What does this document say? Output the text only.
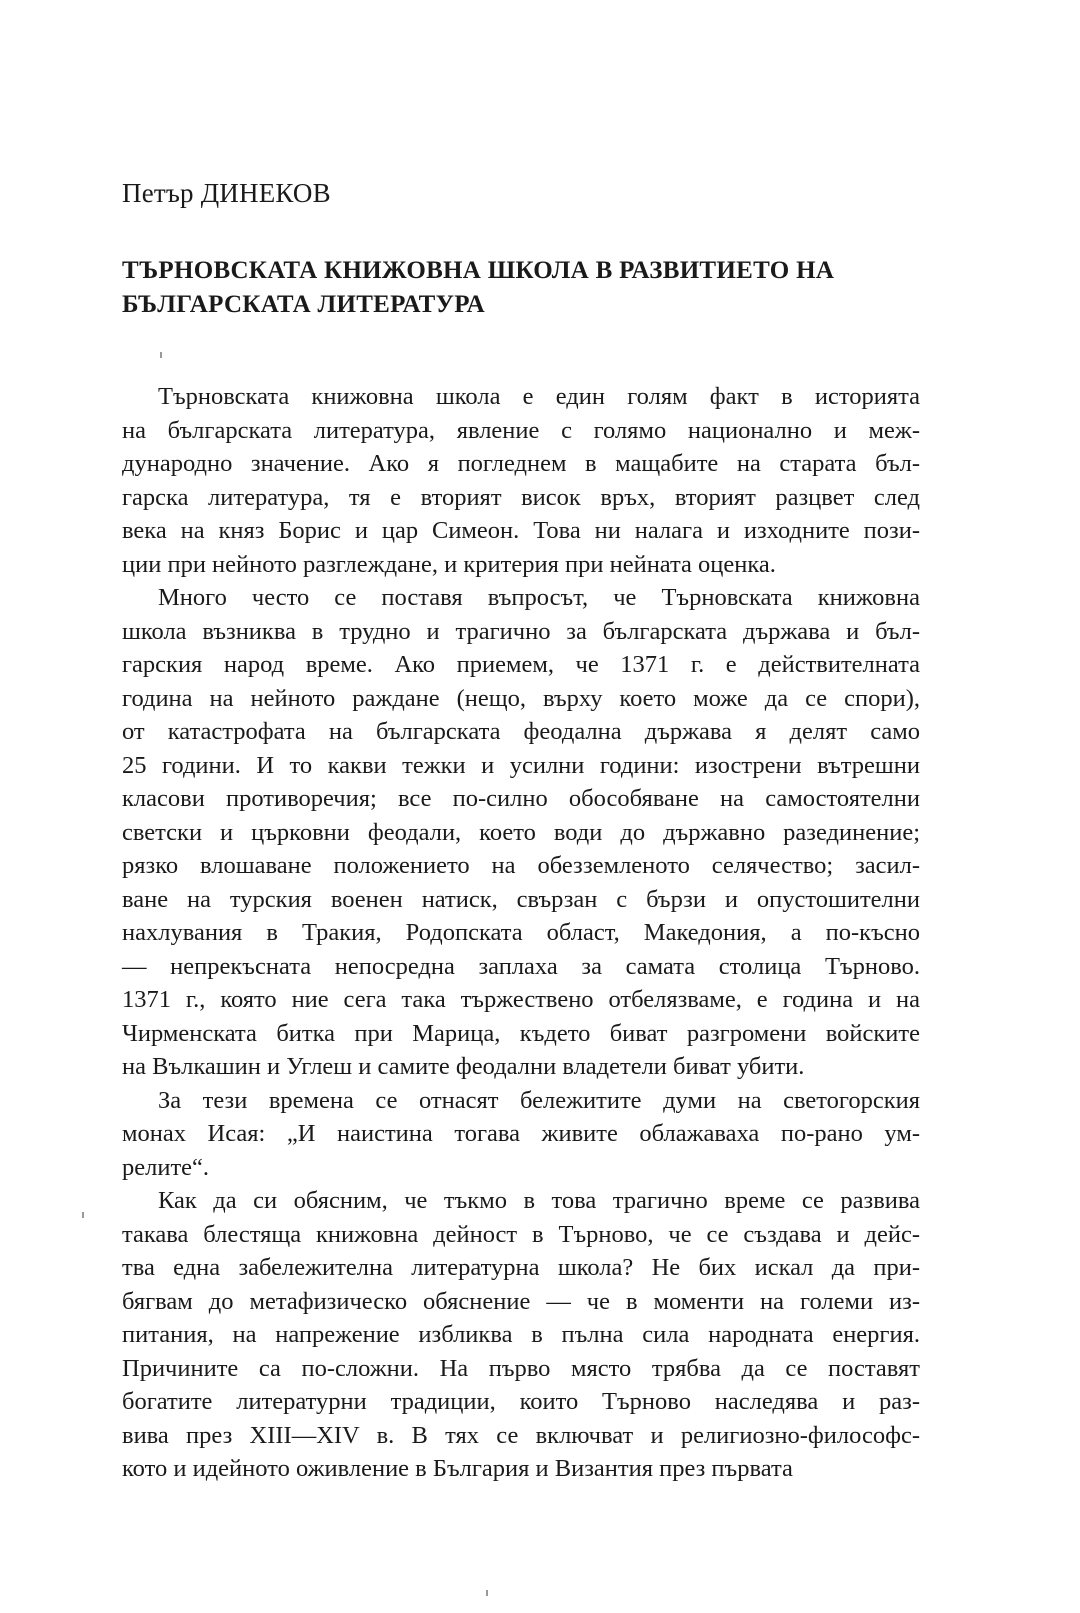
Петър ДИНЕКОВ
ТЪРНОВСКАТА КНИЖОВНА ШКОЛА В РАЗВИТИЕТО НА
БЪЛГАРСКАТА ЛИТЕРАТУРА

Търновската книжовна школа е един голям факт в историята
на българската литература, явление с голямо национално и меж-
дународно значение. Ако я погледнем в мащабите на старата бъл-
гарска литература, тя е вторият висок връх, вторият разцвет след
века на княз Борис и цар Симеон. Това ни налага и изходните пози-
ции при нейното разглеждане, и критерия при нейната оценка.

Много често се поставя въпросът, че Търновската книжовна
школа възниква в трудно и трагично за българската държава и бъл-
гарския народ време. Ако приемем, че 1371 г. е действителната
година на нейното раждане (нещо, върху което може да се спори),
от катастрофата на българската феодална държава я делят само
25 години. И то какви тежки и усилни години: изострени вътрешни
класови противоречия; все по-силно обособяване на самостоятелни
светски и църковни феодали, което води до държавно разединение;
рязко влошаване положението на обезземленото селячество; засил-
ване на турския военен натиск, свързан с бързи и опустошителни
нахлувания в Тракия, Родопската област, Македония, а по-късно
— непрекъсната непосредна заплаха за самата столица Търново.
1371 г., която ние сега така тържествено отбелязваме, е година и на
Чирменската битка при Марица, където биват разгромени войските
на Вълкашин и Углеш и самите феодални владетели биват убити.

За тези времена се отнасят бележитите думи на светогорския
монах Исая: „И наистина тогава живите облажаваха по-рано ум-
релите“.

Как да си обясним, че тъкмо в това трагично време се развива
такава блестяща книжовна дейност в Търново, че се създава и дейс-
тва една забележителна литературна школа? Не бих искал да при-
бягвам до метафизическо обяснение — че в моменти на големи из-
питания, на напрежение избликва в пълна сила народната енергия.
Причините са по-сложни. На първо място трябва да се поставят
богатите литературни традиции, които Търново наследява и раз-
вива през XIII—XIV в. В тях се включват и религиозно-философс-
кото и идейното оживление в България и Византия през първата
